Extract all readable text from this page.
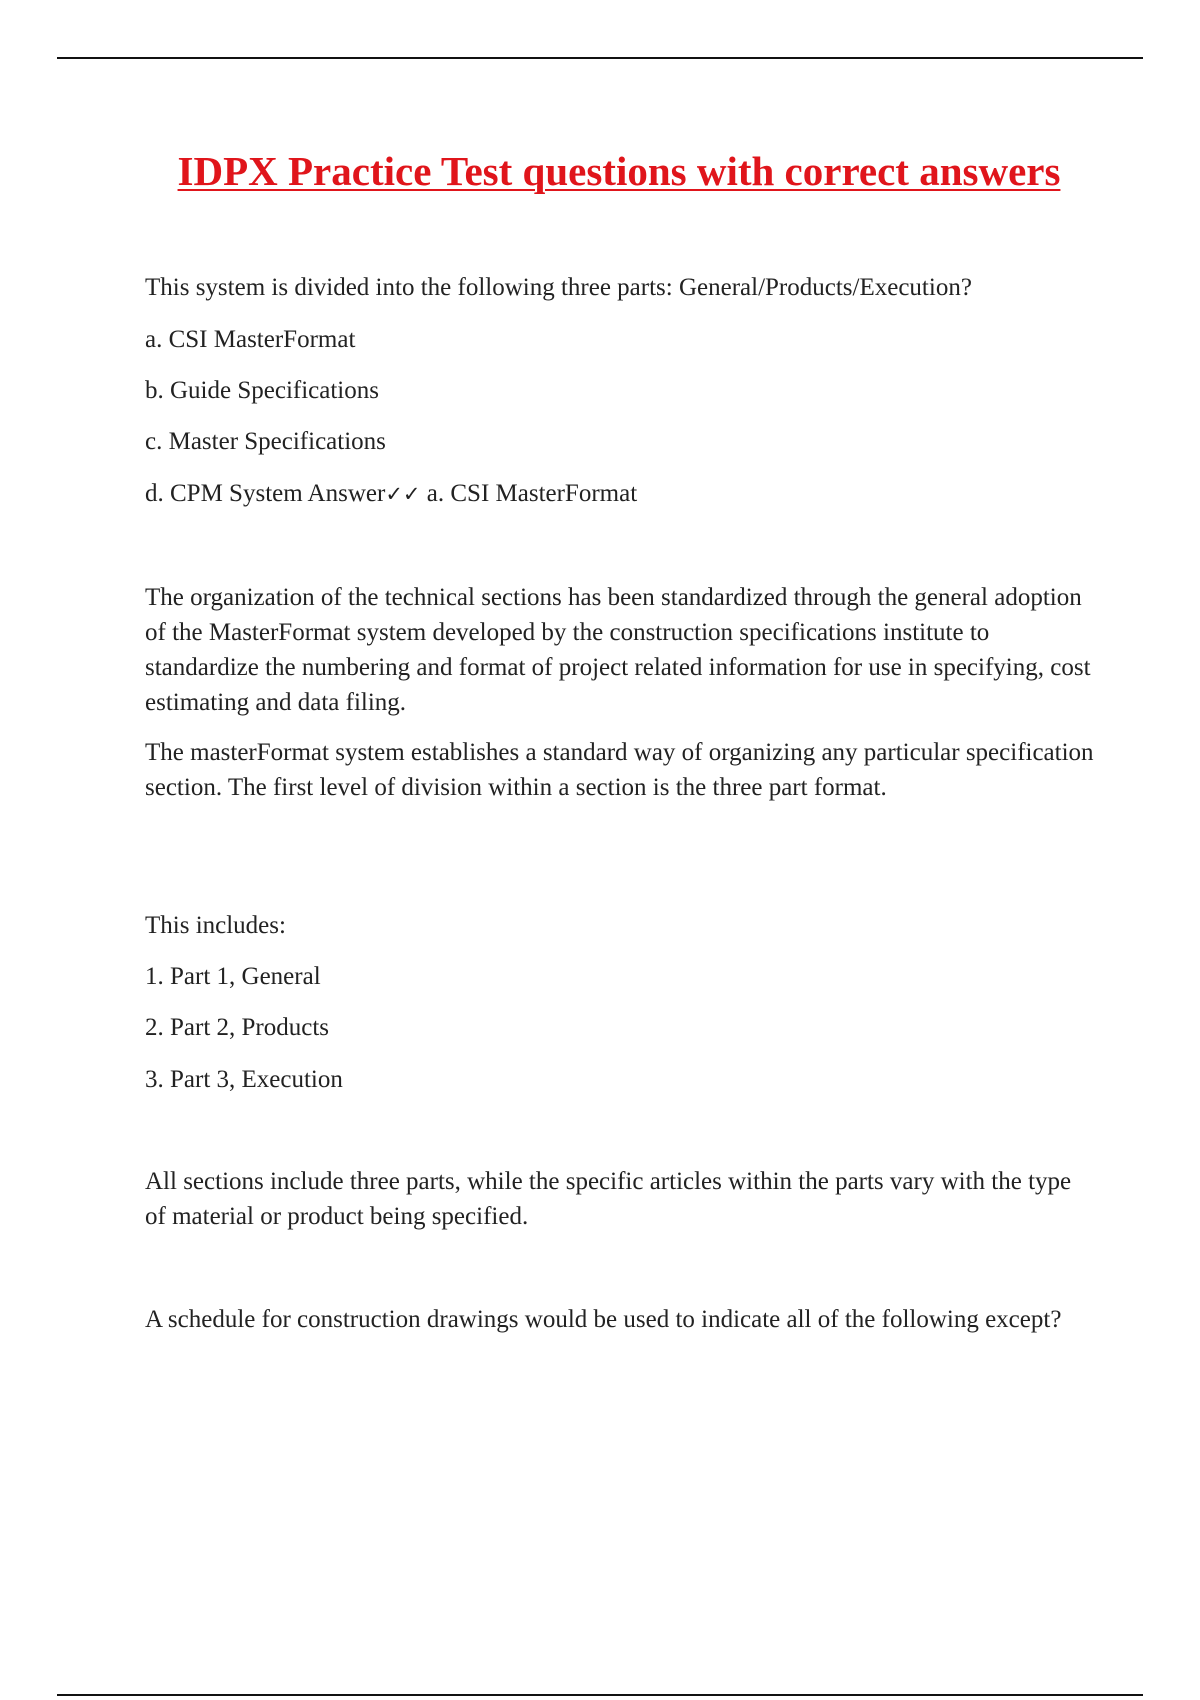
IDPX Practice Test questions with correct answers

This system is divided into the following three parts: General/Products/Execution?

a. CSI MasterFormat

b. Guide Specifications

c. Master Specifications

d. CPM System Answer✓✓ a. CSI MasterFormat

The organization of the technical sections has been standardized through the general adoption of the MasterFormat system developed by the construction specifications institute to standardize the numbering and format of project related information for use in specifying, cost estimating and data filing.

The masterFormat system establishes a standard way of organizing any particular specification section. The first level of division within a section is the three part format.

This includes:

1. Part 1, General

2. Part 2, Products

3. Part 3, Execution

All sections include three parts, while the specific articles within the parts vary with the type of material or product being specified.

A schedule for construction drawings would be used to indicate all of the following except?
